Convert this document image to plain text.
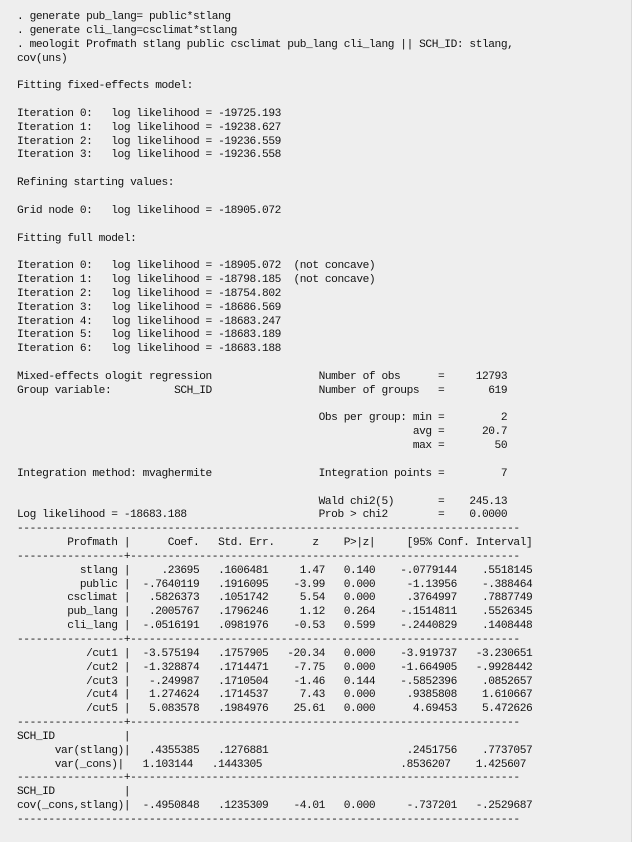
. generate pub_lang= public*stlang
. generate cli_lang=csclimat*stlang
. meologit Profmath stlang public csclimat pub_lang cli_lang || SCH_ID: stlang,
cov(uns)
Fitting fixed-effects model:
Iteration 0:   log likelihood = -19725.193
Iteration 1:   log likelihood = -19238.627
Iteration 2:   log likelihood = -19236.559
Iteration 3:   log likelihood = -19236.558
Refining starting values:
Grid node 0:   log likelihood = -18905.072
Fitting full model:
Iteration 0:   log likelihood = -18905.072  (not concave)
Iteration 1:   log likelihood = -18798.185  (not concave)
Iteration 2:   log likelihood = -18754.802
Iteration 3:   log likelihood = -18686.569
Iteration 4:   log likelihood = -18683.247
Iteration 5:   log likelihood = -18683.189
Iteration 6:   log likelihood = -18683.188
Mixed-effects ologit regression                 Number of obs      =     12793
Group variable:          SCH_ID                 Number of groups   =       619
Obs per group: min =         2
avg =      20.7
max =        50
Integration method: mvaghermite                 Integration points =         7
Wald chi2(5)       =    245.13
Log likelihood = -18683.188                     Prob > chi2        =    0.0000
--------------------------------------------------------------------------------
Profmath |      Coef.   Std. Err.      z    P>|z|     [95% Conf. Interval]
-----------------+--------------------------------------------------------------
stlang |     .23695   .1606481     1.47   0.140    -.0779144    .5518145
public |  -.7640119   .1916095    -3.99   0.000     -1.13956    -.388464
csclimat |   .5826373   .1051742     5.54   0.000     .3764997    .7887749
pub_lang |   .2005767   .1796246     1.12   0.264    -.1514811    .5526345
cli_lang |  -.0516191   .0981976    -0.53   0.599    -.2440829    .1408448
-----------------+--------------------------------------------------------------
/cut1 |  -3.575194   .1757905   -20.34   0.000    -3.919737   -3.230651
/cut2 |  -1.328874   .1714471    -7.75   0.000    -1.664905   -.9928442
/cut3 |   -.249987   .1710504    -1.46   0.144    -.5852396    .0852657
/cut4 |   1.274624   .1714537     7.43   0.000     .9385808    1.610667
/cut5 |   5.083578   .1984976    25.61   0.000      4.69453    5.472626
-----------------+--------------------------------------------------------------
SCH_ID           |
var(stlang)|   .4355385   .1276881                      .2451756    .7737057
var(_cons)|   1.103144   .1443305                      .8536207    1.425607
-----------------+--------------------------------------------------------------
SCH_ID           |
cov(_cons,stlang)|  -.4950848   .1235309    -4.01   0.000     -.737201   -.2529687
--------------------------------------------------------------------------------
